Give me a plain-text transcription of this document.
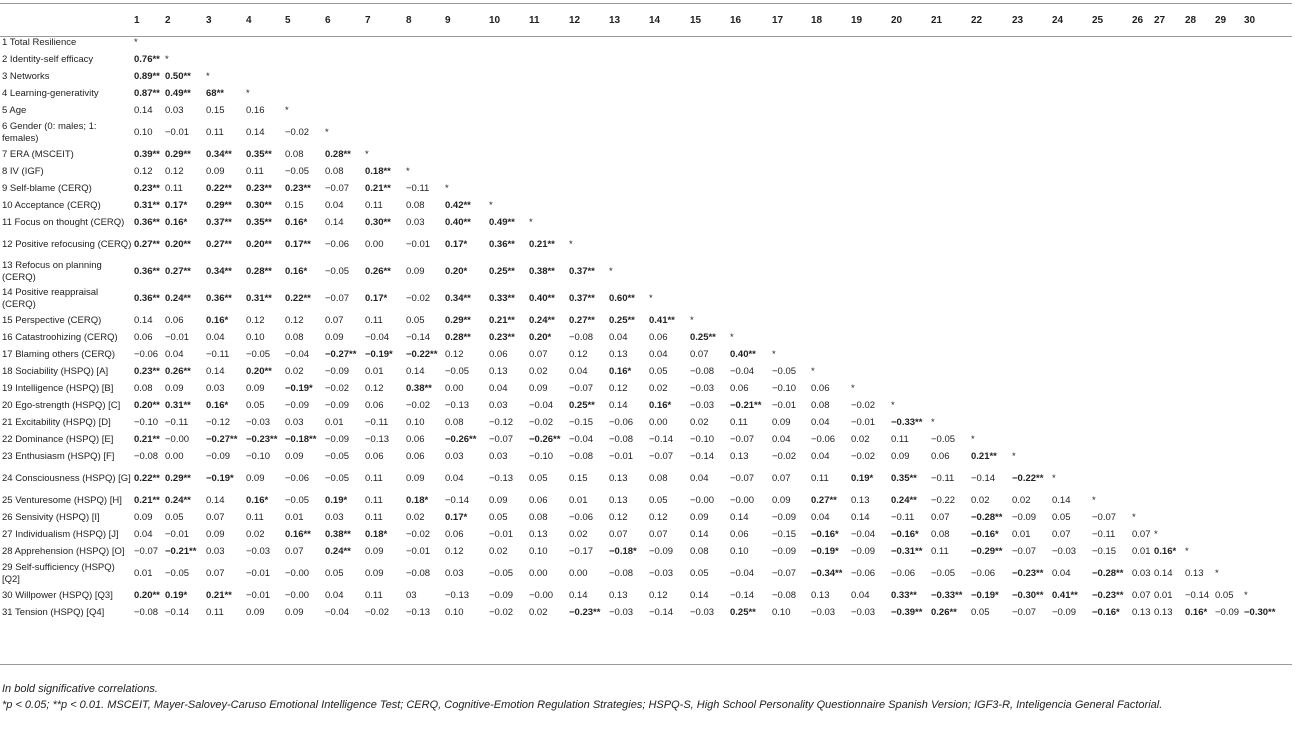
	1	2	3	4	5	6	7	8	9	10	11	12	13	14	15	16	17	18	19	20	21	22	23	24	25	26	27	28	29	30
1 Total Resilience	*																													
2 Identity-self efficacy	0.76**	*																												
3 Networks	0.89**	0.50**	*																											
4 Learning-generativity	0.87**	0.49**	68**	*																										
5 Age	0.14	0.03	0.15	0.16	*																									
6 Gender (0: males; 1: females)	0.10	−0.01	0.11	0.14	−0.02	*																								
7 ERA (MSCEIT)	0.39**	0.29**	0.34**	0.35**	0.08	0.28**	*																							
8 IV (IGF)	0.12	0.12	0.09	0.11	−0.05	0.08	0.18**	*																						
9 Self-blame (CERQ)	0.23**	0.11	0.22**	0.23**	0.23**	−0.07	0.21**	−0.11	*																					
10 Acceptance (CERQ)	0.31**	0.17*	0.29**	0.30**	0.15	0.04	0.11	0.08	0.42**	*																				
11 Focus on thought (CERQ)	0.36**	0.16*	0.37**	0.35**	0.16*	0.14	0.30**	0.03	0.40**	0.49**	*																			
12 Positive refocusing (CERQ)	0.27**	0.20**	0.27**	0.20**	0.17**	−0.06	0.00	−0.01	0.17*	0.36**	0.21**	*																		
13 Refocus on planning (CERQ)	0.36**	0.27**	0.34**	0.28**	0.16*	−0.05	0.26**	0.09	0.20*	0.25**	0.38**	0.37**	*																	
14 Positive reappraisal (CERQ)	0.36**	0.24**	0.36**	0.31**	0.22**	−0.07	0.17*	−0.02	0.34**	0.33**	0.40**	0.37**	0.60**	*																
15 Perspective (CERQ)	0.14	0.06	0.16*	0.12	0.12	0.07	0.11	0.05	0.29**	0.21**	0.24**	0.27**	0.25**	0.41**	*															
16 Catastroohizing (CERQ)	0.06	−0.01	0.04	0.10	0.08	0.09	−0.04	−0.14	0.28**	0.23**	0.20*	−0.08	0.04	0.06	0.25**	*														
17 Blaming others (CERQ)	−0.06	0.04	−0.11	−0.05	−0.04	−0.27**	−0.19*	−0.22**	0.12	0.06	0.07	0.12	0.13	0.04	0.07	0.40**	*													
18 Sociability (HSPQ) [A]	0.23**	0.26**	0.14	0.20**	0.02	−0.09	0.01	0.14	−0.05	0.13	0.02	0.04	0.16*	0.05	−0.08	−0.04	−0.05	*												
19 Intelligence (HSPQ) [B]	0.08	0.09	0.03	0.09	−0.19*	−0.02	0.12	0.38**	0.00	0.04	0.09	−0.07	0.12	0.02	−0.03	0.06	−0.10	0.06	*											
20 Ego-strength (HSPQ) [C]	0.20**	0.31**	0.16*	0.05	−0.09	−0.09	0.06	−0.02	−0.13	0.03	−0.04	0.25**	0.14	0.16*	−0.03	−0.21**	−0.01	0.08	−0.02	*										
21 Excitability (HSPQ) [D]	−0.10	−0.11	−0.12	−0.03	0.03	0.01	−0.11	0.10	0.08	−0.12	−0.02	−0.15	−0.06	0.00	0.02	0.11	0.09	0.04	−0.01	−0.33**	*									
22 Dominance (HSPQ) [E]	0.21**	−0.00	−0.27**	−0.23**	−0.18**	−0.09	−0.13	0.06	−0.26**	−0.07	−0.26**	−0.04	−0.08	−0.14	−0.10	−0.07	0.04	−0.06	0.02	0.11	−0.05	*								
23 Enthusiasm (HSPQ) [F]	−0.08	0.00	−0.09	−0.10	0.09	−0.05	0.06	0.06	0.03	0.03	−0.10	−0.08	−0.01	−0.07	−0.14	0.13	−0.02	0.04	−0.02	0.09	0.06	0.21**	*							
24 Consciousness (HSPQ) [G]	0.22**	0.29**	−0.19*	0.09	−0.06	−0.05	0.11	0.09	0.04	−0.13	0.05	0.15	0.13	0.08	0.04	−0.07	0.07	0.11	0.19*	0.35**	−0.11	−0.14	−0.22**	*						
25 Venturesome (HSPQ) [H]	0.21**	0.24**	0.14	0.16*	−0.05	0.19*	0.11	0.18*	−0.14	0.09	0.06	0.01	0.13	0.05	−0.00	−0.00	0.09	0.27**	0.13	0.24**	−0.22	0.02	0.02	0.14	*					
26 Sensivity (HSPQ) [I]	0.09	0.05	0.07	0.11	0.01	0.03	0.11	0.02	0.17*	0.05	0.08	−0.06	0.12	0.12	0.09	0.14	−0.09	0.04	0.14	−0.11	0.07	−0.28**	−0.09	0.05	−0.07	*				
27 Individualism (HSPQ) [J]	0.04	−0.01	0.09	0.02	0.16**	0.38**	0.18*	−0.02	0.06	−0.01	0.13	0.02	0.07	0.07	0.14	0.06	−0.15	−0.16*	−0.04	−0.16*	0.08	−0.16*	0.01	0.07	−0.11	0.07	*			
28 Apprehension (HSPQ) [O]	−0.07	−0.21**	0.03	−0.03	0.07	0.24**	0.09	−0.01	0.12	0.02	0.10	−0.17	−0.18*	−0.09	0.08	0.10	−0.09	−0.19*	−0.09	−0.31**	0.11	−0.29**	−0.07	−0.03	−0.15	0.01	0.16*	*		
29 Self-sufficiency (HSPQ) [Q2]	0.01	−0.05	0.07	−0.01	−0.00	0.05	0.09	−0.08	0.03	−0.05	0.00	0.00	−0.08	−0.03	0.05	−0.04	−0.07	−0.34**	−0.06	−0.06	−0.05	−0.06	−0.23**	0.04	−0.28**	0.03	0.14	0.13	*	
30 Willpower (HSPQ) [Q3]	0.20**	0.19*	0.21**	−0.01	−0.00	0.04	0.11	03	−0.13	−0.09	−0.00	0.14	0.13	0.12	0.14	−0.14	−0.08	0.13	0.04	0.33**	−0.33**	−0.19*	−0.30**	0.41**	−0.23**	0.07	0.01	−0.14	0.05	*
31 Tension (HSPQ) [Q4]	−0.08	−0.14	0.11	0.09	0.09	−0.04	−0.02	−0.13	0.10	−0.02	0.02	−0.23**	−0.03	−0.14	−0.03	0.25**	0.10	−0.03	−0.03	−0.39**	0.26**	0.05	−0.07	−0.09	−0.16*	0.13	0.13	0.16*	−0.09	−0.30**
In bold significative correlations.
*p < 0.05; **p < 0.01. MSCEIT, Mayer-Salovey-Caruso Emotional Intelligence Test; CERQ, Cognitive-Emotion Regulation Strategies; HSPQ-S, High School Personality Questionnaire Spanish Version; IGF3-R, Inteligencia General Factorial.
